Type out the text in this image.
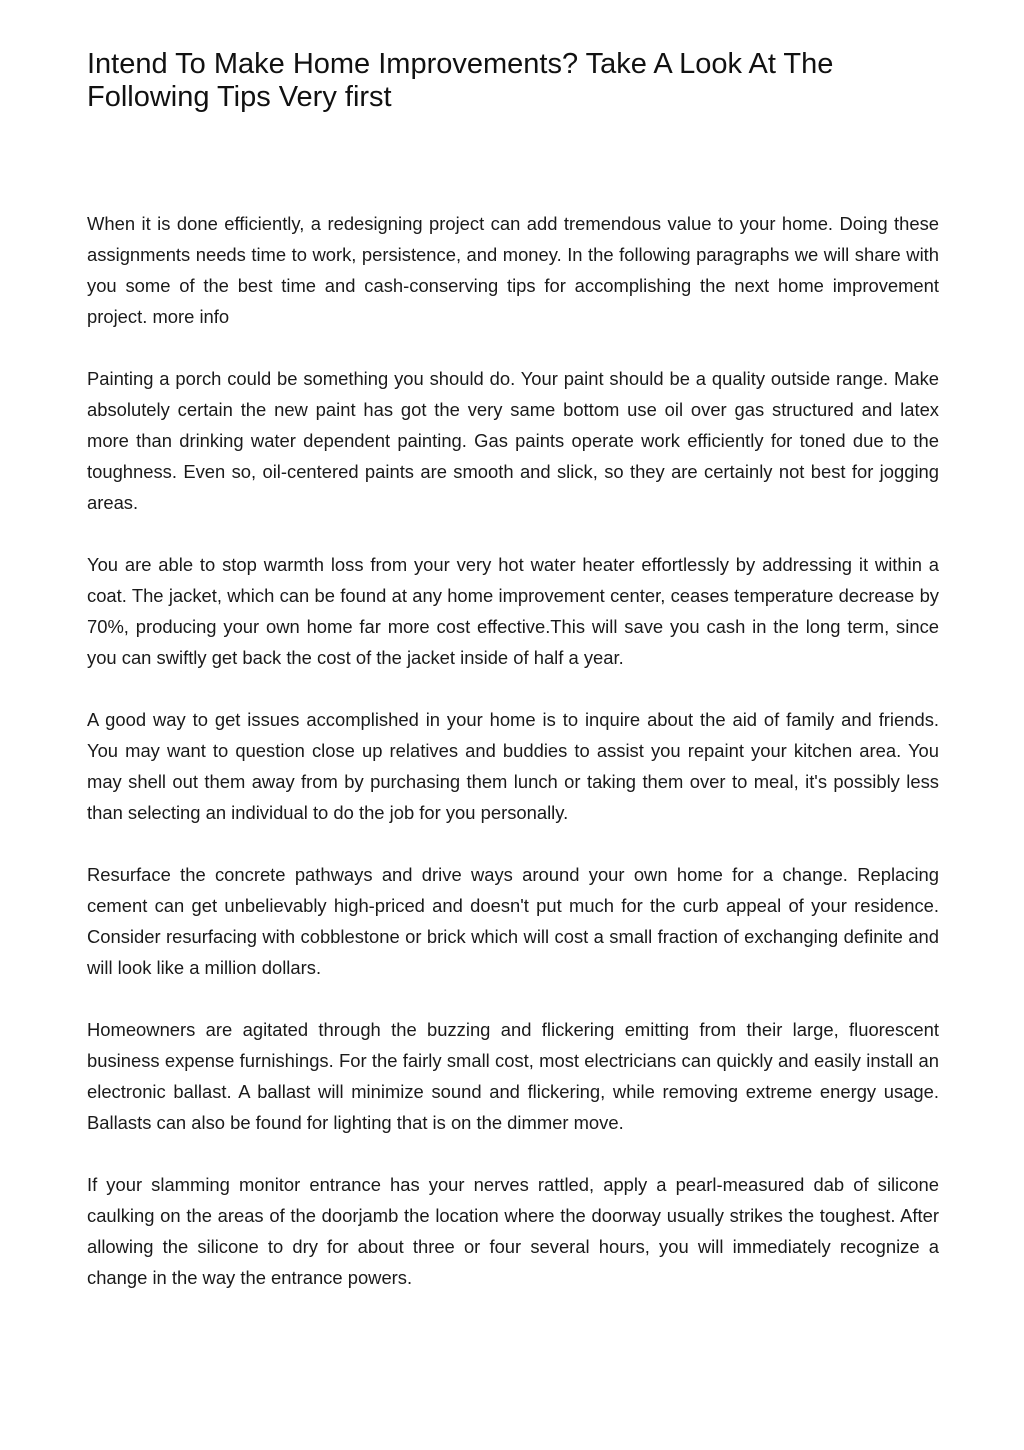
Intend To Make Home Improvements? Take A Look At The Following Tips Very first

When it is done efficiently, a redesigning project can add tremendous value to your home. Doing these assignments needs time to work, persistence, and money. In the following paragraphs we will share with you some of the best time and cash-conserving tips for accomplishing the next home improvement project. more info

Painting a porch could be something you should do. Your paint should be a quality outside range. Make absolutely certain the new paint has got the very same bottom use oil over gas structured and latex more than drinking water dependent painting. Gas paints operate work efficiently for toned due to the toughness. Even so, oil-centered paints are smooth and slick, so they are certainly not best for jogging areas.

You are able to stop warmth loss from your very hot water heater effortlessly by addressing it within a coat. The jacket, which can be found at any home improvement center, ceases temperature decrease by 70%, producing your own home far more cost effective.This will save you cash in the long term, since you can swiftly get back the cost of the jacket inside of half a year.

A good way to get issues accomplished in your home is to inquire about the aid of family and friends. You may want to question close up relatives and buddies to assist you repaint your kitchen area. You may shell out them away from by purchasing them lunch or taking them over to meal, it's possibly less than selecting an individual to do the job for you personally.

Resurface the concrete pathways and drive ways around your own home for a change. Replacing cement can get unbelievably high-priced and doesn't put much for the curb appeal of your residence. Consider resurfacing with cobblestone or brick which will cost a small fraction of exchanging definite and will look like a million dollars.

Homeowners are agitated through the buzzing and flickering emitting from their large, fluorescent business expense furnishings. For the fairly small cost, most electricians can quickly and easily install an electronic ballast. A ballast will minimize sound and flickering, while removing extreme energy usage. Ballasts can also be found for lighting that is on the dimmer move.

If your slamming monitor entrance has your nerves rattled, apply a pearl-measured dab of silicone caulking on the areas of the doorjamb the location where the doorway usually strikes the toughest. After allowing the silicone to dry for about three or four several hours, you will immediately recognize a change in the way the entrance powers.
